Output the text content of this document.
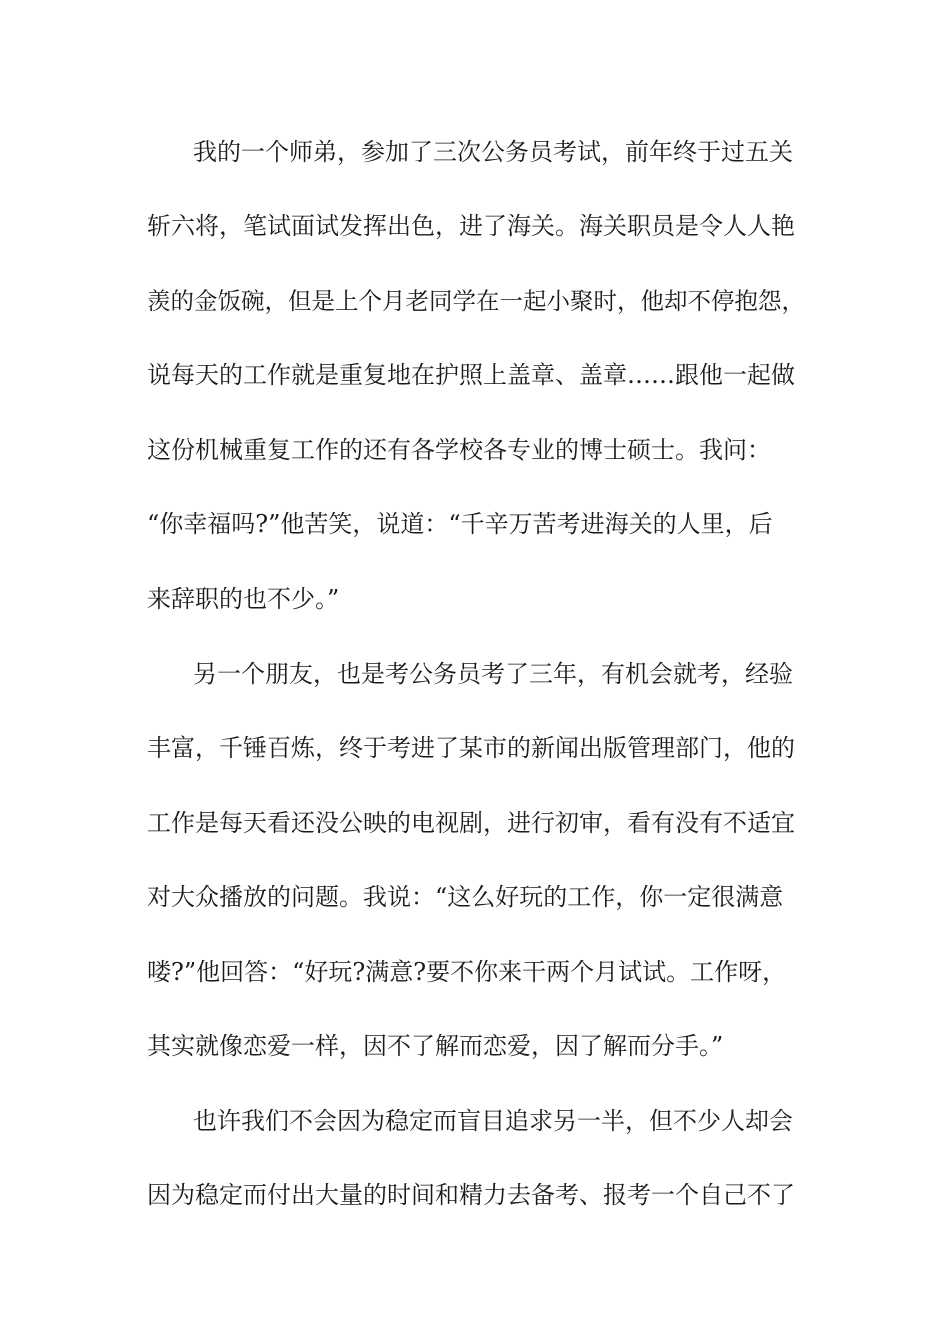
我的一个师弟，参加了三次公务员考试，前年终于过五关
斩六将，笔试面试发挥出色，进了海关。海关职员是令人人艳
羡的金饭碗，但是上个月老同学在一起小聚时，他却不停抱怨，
说每天的工作就是重复地在护照上盖章、盖章……跟他一起做
这份机械重复工作的还有各学校各专业的博士硕士。我问：
“你幸福吗?”他苦笑，说道：“千辛万苦考进海关的人里，后
来辞职的也不少。”
另一个朋友，也是考公务员考了三年，有机会就考，经验
丰富，千锤百炼，终于考进了某市的新闻出版管理部门，他的
工作是每天看还没公映的电视剧，进行初审，看有没有不适宜
对大众播放的问题。我说：“这么好玩的工作，你一定很满意
喽?”他回答：“好玩?满意?要不你来干两个月试试。工作呀，
其实就像恋爱一样，因不了解而恋爱，因了解而分手。”
也许我们不会因为稳定而盲目追求另一半，但不少人却会
因为稳定而付出大量的时间和精力去备考、报考一个自己不了
